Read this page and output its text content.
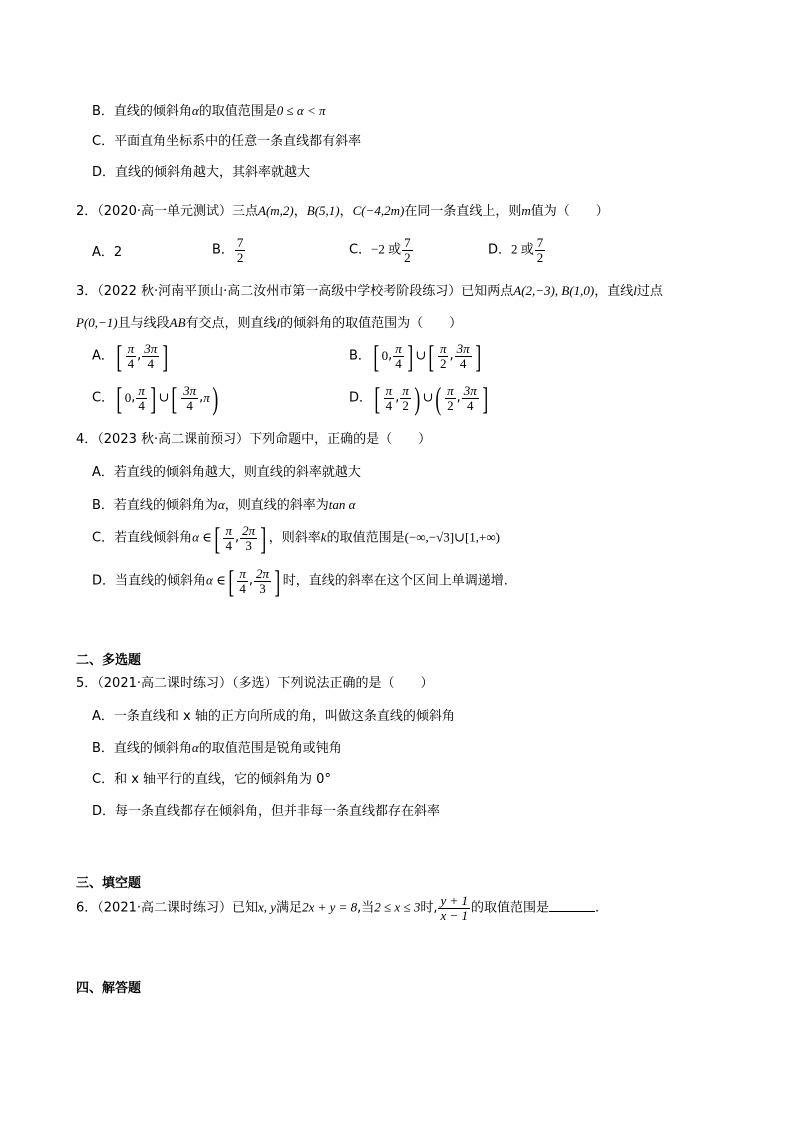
B．直线的倾斜角α的取值范围是0 ≤ α < π
C．平面直角坐标系中的任意一条直线都有斜率
D．直线的倾斜角越大，其斜率就越大
2．（2020·高一单元测试）三点A(m,2)，B(5,1)，C(−4,2m)在同一条直线上，则m值为（　　）
A．2	B． $\frac{7}{2}$	C．−2 或 $\frac{7}{2}$	D．2 或 $\frac{7}{2}$
3．（2022 秋·河南平顶山·高二汝州市第一高级中学校考阶段练习）已知两点A(2,−3), B(1,0)，直线l过点
P(0,−1)且与线段AB有交点，则直线l的倾斜角的取值范围为（　　）
A． [ $\frac{\pi}{4}$ , $\frac{3\pi}{4}$ ]	B． [ 0 , $\frac{\pi}{4}$ ] ∪ [ $\frac{\pi}{2}$ , $\frac{3\pi}{4}$ ]
C． [ 0 , $\frac{\pi}{4}$ ] ∪ [ $\frac{3\pi}{4}$ , π )	D． [ $\frac{\pi}{4}$ , $\frac{\pi}{2}$ ) ∪ ( $\frac{\pi}{2}$ , $\frac{3\pi}{4}$ ]
4．（2023 秋·高二课前预习）下列命题中，正确的是（　　）
A．若直线的倾斜角越大，则直线的斜率就越大
B．若直线的倾斜角为α，则直线的斜率为tan α
C．若直线倾斜角α ∈ [ $\frac{\pi}{4}$ , $\frac{2\pi}{3}$ ] ，则斜率k的取值范围是(−∞,−√3]∪[1,+∞)
D．当直线的倾斜角α ∈ [ $\frac{\pi}{4}$ , $\frac{2\pi}{3}$ ] 时，直线的斜率在这个区间上单调递增.
二、多选题
5．（2021·高二课时练习）（多选）下列说法正确的是（　　）
A．一条直线和 x 轴的正方向所成的角，叫做这条直线的倾斜角
B．直线的倾斜角α的取值范围是锐角或钝角
C．和 x 轴平行的直线，它的倾斜角为 0°
D．每一条直线都存在倾斜角，但并非每一条直线都存在斜率
三、填空题
6．（2021·高二课时练习）已知x, y满足2x + y = 8,当2 ≤ x ≤ 3时, $\frac{y + 1}{x - 1}$ 的取值范围是	.
四、解答题
